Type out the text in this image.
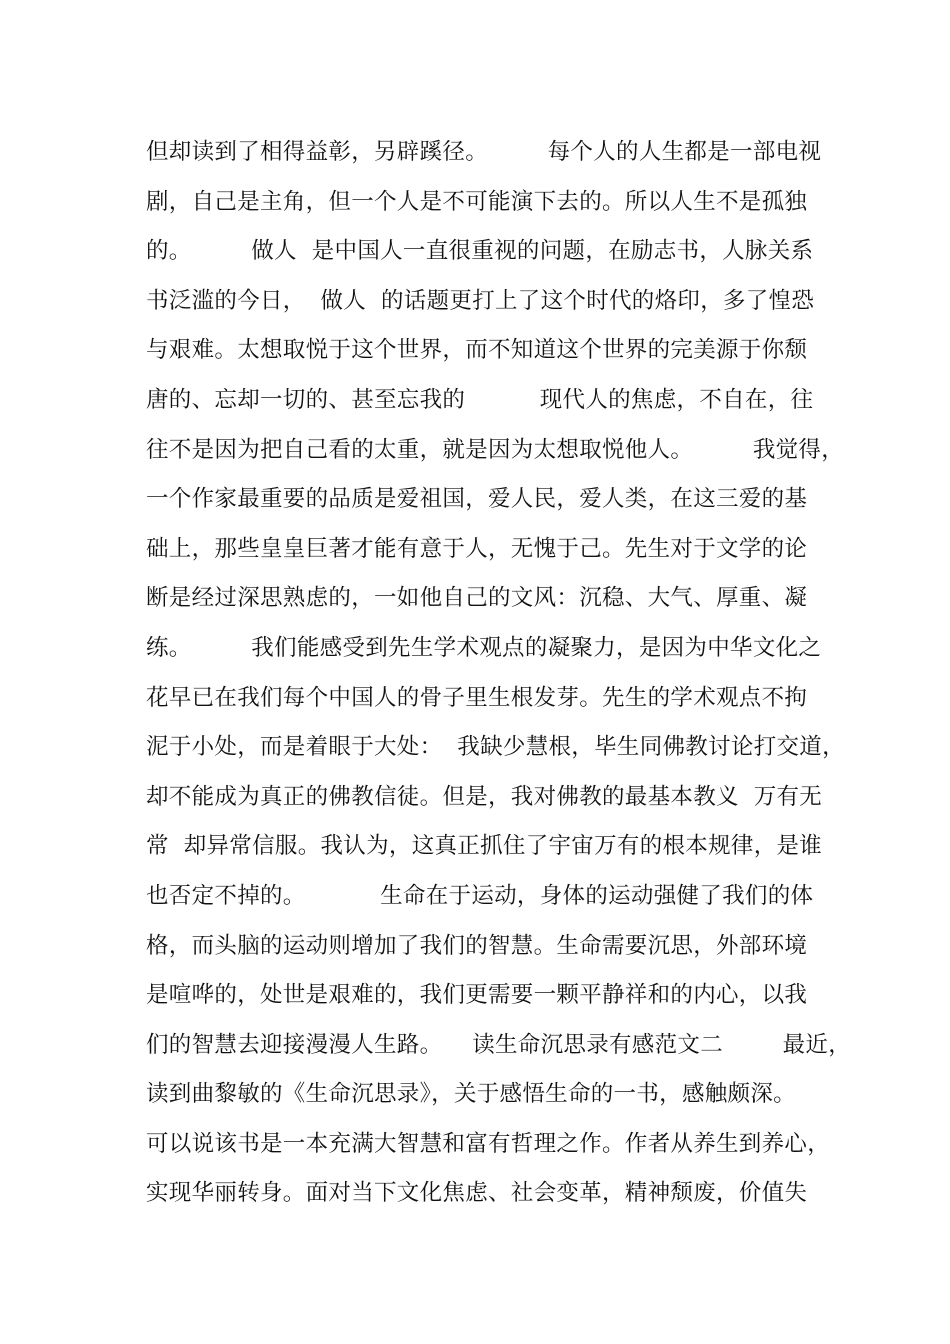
但却读到了相得益彰，另辟蹊径。        每个人的人生都是一部电视
剧，自己是主角，但一个人是不可能演下去的。所以人生不是孤独
的。        做人  是中国人一直很重视的问题，在励志书，人脉关系
书泛滥的今日，  做人  的话题更打上了这个时代的烙印，多了惶恐
与艰难。太想取悦于这个世界，而不知道这个世界的完美源于你颓
唐的、忘却一切的、甚至忘我的          现代人的焦虑，不自在，往
往不是因为把自己看的太重，就是因为太想取悦他人。        我觉得，
一个作家最重要的品质是爱祖国，爱人民，爱人类，在这三爱的基
础上，那些皇皇巨著才能有意于人，无愧于己。先生对于文学的论
断是经过深思熟虑的，一如他自己的文风：沉稳、大气、厚重、凝
练。        我们能感受到先生学术观点的凝聚力，是因为中华文化之
花早已在我们每个中国人的骨子里生根发芽。先生的学术观点不拘
泥于小处，而是着眼于大处：  我缺少慧根，毕生同佛教讨论打交道，
却不能成为真正的佛教信徒。但是，我对佛教的最基本教义  万有无
常  却异常信服。我认为，这真正抓住了宇宙万有的根本规律，是谁
也否定不掉的。          生命在于运动，身体的运动强健了我们的体
格，而头脑的运动则增加了我们的智慧。生命需要沉思，外部环境
是喧哗的，处世是艰难的，我们更需要一颗平静祥和的内心，以我
们的智慧去迎接漫漫人生路。    读生命沉思录有感范文二        最近，
读到曲黎敏的《生命沉思录》，关于感悟生命的一书，感触颇深。
可以说该书是一本充满大智慧和富有哲理之作。作者从养生到养心，
实现华丽转身。面对当下文化焦虑、社会变革，精神颓废，价值失
